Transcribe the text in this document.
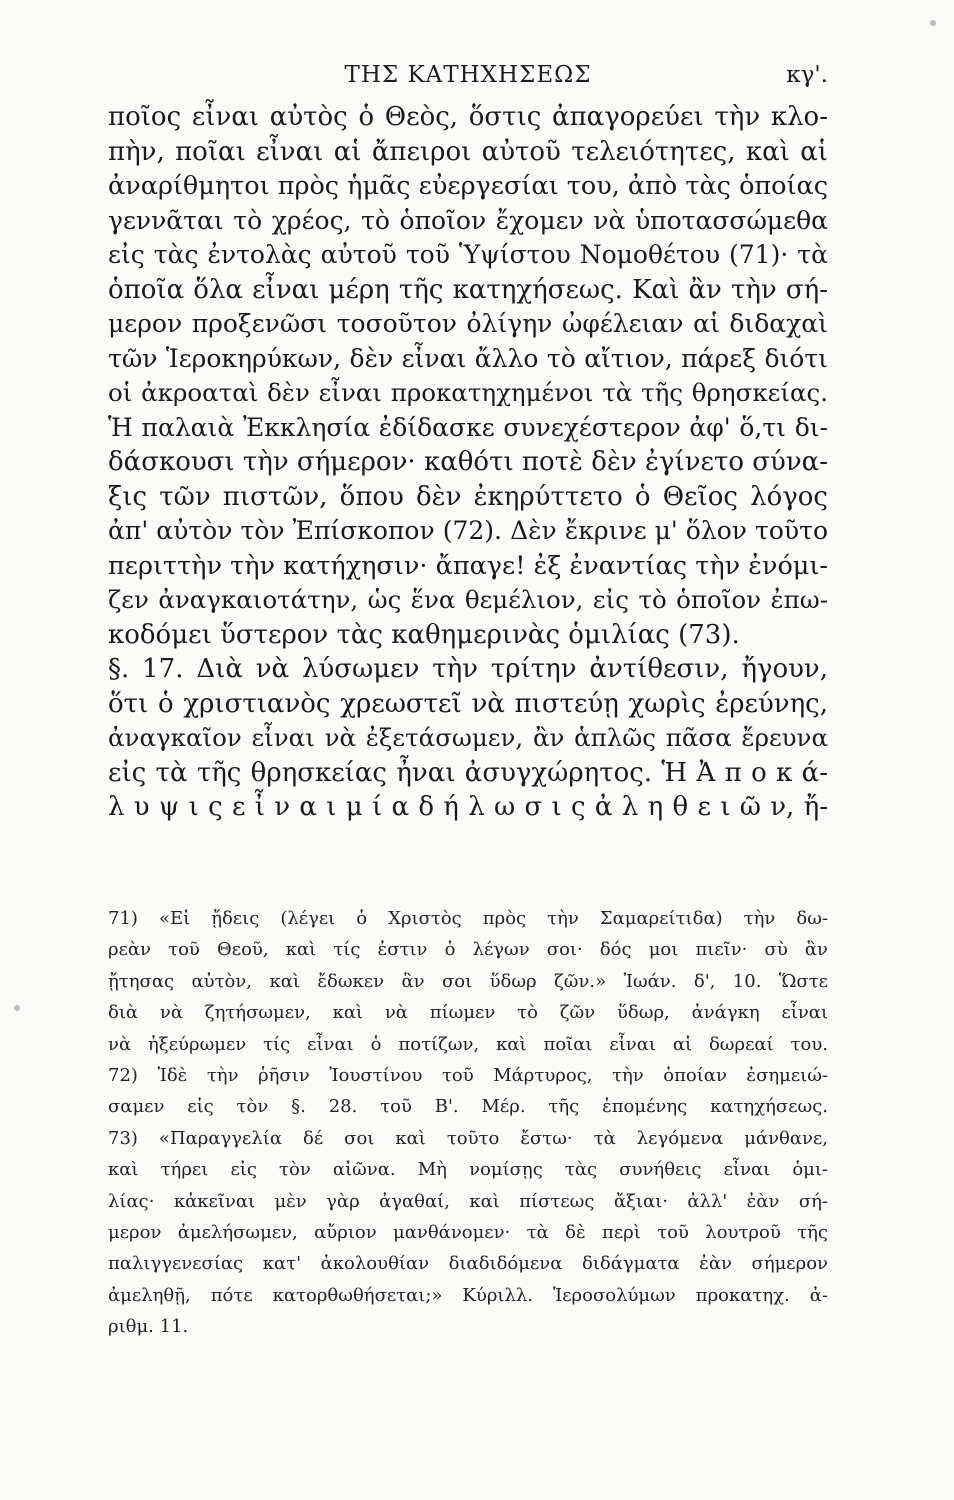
ΤΗΣ ΚΑΤΗΧΗΣΕΩΣ	κγ'.
ποῖος εἶναι αὐτὸς ὁ Θεὸς, ὅστις ἀπαγορεύει τὴν κλο-
πὴν, ποῖαι εἶναι αἱ ἄπειροι αὐτοῦ τελειότητες, καὶ αἱ
ἀναρίθμητοι πρὸς ἡμᾶς εὐεργεσίαι του, ἀπὸ τὰς ὁποίας
γεννᾶται τὸ χρέος, τὸ ὁποῖον ἔχομεν νὰ ὑποτασσώμεθα
εἰς τὰς ἐντολὰς αὐτοῦ τοῦ Ὑψίστου Νομοθέτου (71)· τὰ
ὁποῖα ὅλα εἶναι μέρη τῆς κατηχήσεως. Καὶ ἂν τὴν σή-
μερον προξενῶσι τοσοῦτον ὀλίγην ὠφέλειαν αἱ διδαχαὶ
τῶν Ἱεροκηρύκων, δὲν εἶναι ἄλλο τὸ αἴτιον, πάρεξ διότι
οἱ ἀκροαταὶ δὲν εἶναι προκατηχημένοι τὰ τῆς θρησκείας.
Ἡ παλαιὰ Ἐκκλησία ἐδίδασκε συνεχέστερον ἀφ' ὅ,τι δι-
δάσκουσι τὴν σήμερον· καθότι ποτὲ δὲν ἐγίνετο σύνα-
ξις τῶν πιστῶν, ὅπου δὲν ἐκηρύττετο ὁ Θεῖος λόγος
ἀπ' αὐτὸν τὸν Ἐπίσκοπον (72). Δὲν ἔκρινε μ' ὅλον τοῦτο
περιττὴν τὴν κατήχησιν· ἄπαγε! ἐξ ἐναντίας τὴν ἐνόμι-
ζεν ἀναγκαιοτάτην, ὡς ἕνα θεμέλιον, εἰς τὸ ὁποῖον ἐπω-
κοδόμει ὕστερον τὰς καθημερινὰς ὁμιλίας (73).
§. 17. Διὰ νὰ λύσωμεν τὴν τρίτην ἀντίθεσιν, ἤγουν,
ὅτι ὁ χριστιανὸς χρεωστεῖ νὰ πιστεύῃ χωρὶς ἐρεύνης,
ἀναγκαῖον εἶναι νὰ ἐξετάσωμεν, ἂν ἁπλῶς πᾶσα ἔρευνα
εἰς τὰ τῆς θρησκείας ἦναι ἀσυγχώρητος. Ἡ Ἀ π ο κ ά-
λ υ ψ ι ς ε ἶ ν α ι μ ί α δ ή λ ω σ ι ς ἀ λ η θ ε ι ῶ ν, ἤ-
71) «Εἰ ᾔδεις (λέγει ὁ Χριστὸς πρὸς τὴν Σαμαρείτιδα) τὴν δω-
ρεὰν τοῦ Θεοῦ, καὶ τίς ἐστιν ὁ λέγων σοι· δός μοι πιεῖν· σὺ ἂν
ᾔτησας αὐτὸν, καὶ ἔδωκεν ἂν σοι ὕδωρ ζῶν.» Ἰωάν. δ', 10. Ὥστε
διὰ νὰ ζητήσωμεν, καὶ νὰ πίωμεν τὸ ζῶν ὕδωρ, ἀνάγκη εἶναι
νὰ ἠξεύρωμεν τίς εἶναι ὁ ποτίζων, καὶ ποῖαι εἶναι αἱ δωρεαί του.
72) Ἰδὲ τὴν ῥῆσιν Ἰουστίνου τοῦ Μάρτυρος, τὴν ὁποίαν ἐσημειώ-
σαμεν εἰς τὸν §. 28. τοῦ Β'. Μέρ. τῆς ἑπομένης κατηχήσεως.
73) «Παραγγελία δέ σοι καὶ τοῦτο ἔστω· τὰ λεγόμενα μάνθανε,
καὶ τήρει εἰς τὸν αἰῶνα. Μὴ νομίσῃς τὰς συνήθεις εἶναι ὁμι-
λίας· κἀκεῖναι μὲν γὰρ ἀγαθαί, καὶ πίστεως ἄξιαι· ἀλλ' ἐὰν σή-
μερον ἀμελήσωμεν, αὔριον μανθάνομεν· τὰ δὲ περὶ τοῦ λουτροῦ τῆς
παλιγγενεσίας κατ' ἀκολουθίαν διαδιδόμενα διδάγματα ἐὰν σήμερον
ἀμεληθῇ, πότε κατορθωθήσεται;» Κύριλλ. Ἱεροσολύμων προκατηχ. ἀ-
ριθμ. 11.
